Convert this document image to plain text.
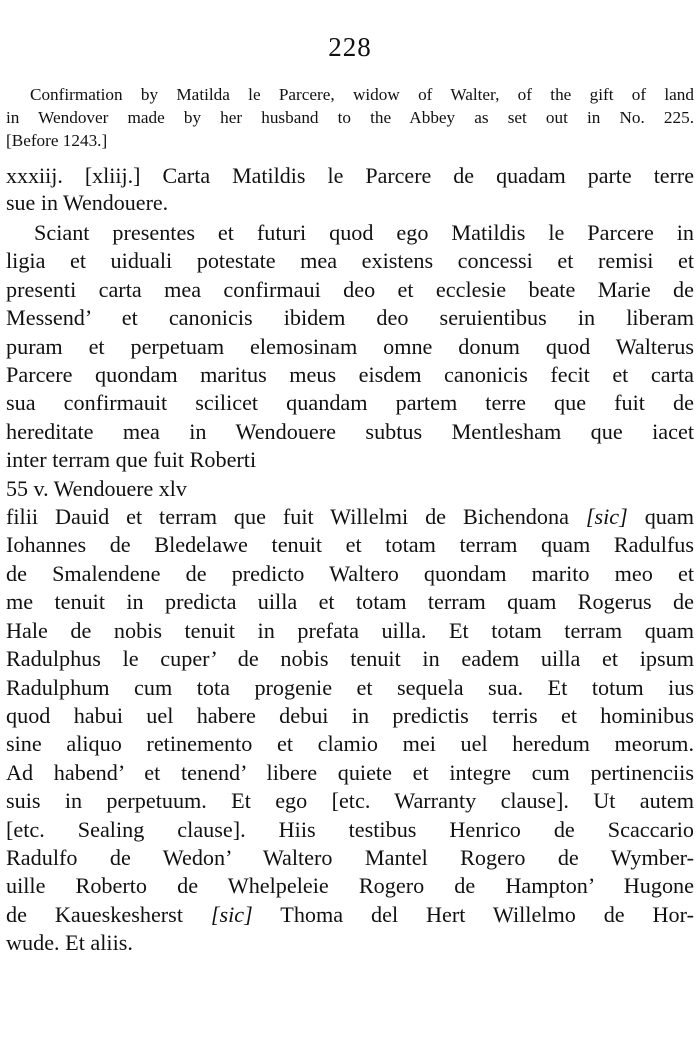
228
Confirmation by Matilda le Parcere, widow of Walter, of the gift of land
in Wendover made by her husband to the Abbey as set out in No. 225.
[Before 1243.]
xxxiij. [xliij.] Carta Matildis le Parcere de quadam parte terre
sue in Wendouere.
Sciant presentes et futuri quod ego Matildis le Parcere in
ligia et uiduali potestate mea existens concessi et remisi et
presenti carta mea confirmaui deo et ecclesie beate Marie de
Messend’ et canonicis ibidem deo seruientibus in liberam
puram et perpetuam elemosinam omne donum quod Walterus
Parcere quondam maritus meus eisdem canonicis fecit et carta
sua confirmauit scilicet quandam partem terre que fuit de
hereditate mea in Wendouere subtus Mentlesham que iacet
inter terram que fuit Roberti
55 v. Wendouere xlv
filii Dauid et terram que fuit Willelmi de Bichendona [sic] quam
Iohannes de Bledelawe tenuit et totam terram quam Radulfus
de Smalendene de predicto Waltero quondam marito meo et
me tenuit in predicta uilla et totam terram quam Rogerus de
Hale de nobis tenuit in prefata uilla. Et totam terram quam
Radulphus le cuper’ de nobis tenuit in eadem uilla et ipsum
Radulphum cum tota progenie et sequela sua. Et totum ius
quod habui uel habere debui in predictis terris et hominibus
sine aliquo retinemento et clamio mei uel heredum meorum.
Ad habend’ et tenend’ libere quiete et integre cum pertinenciis
suis in perpetuum. Et ego [etc. Warranty clause]. Ut autem
[etc. Sealing clause]. Hiis testibus Henrico de Scaccario
Radulfo de Wedon’ Waltero Mantel Rogero de Wymber-
uille Roberto de Whelpeleie Rogero de Hampton’ Hugone
de Kaueskesherst [sic] Thoma del Hert Willelmo de Hor-
wude. Et aliis.
